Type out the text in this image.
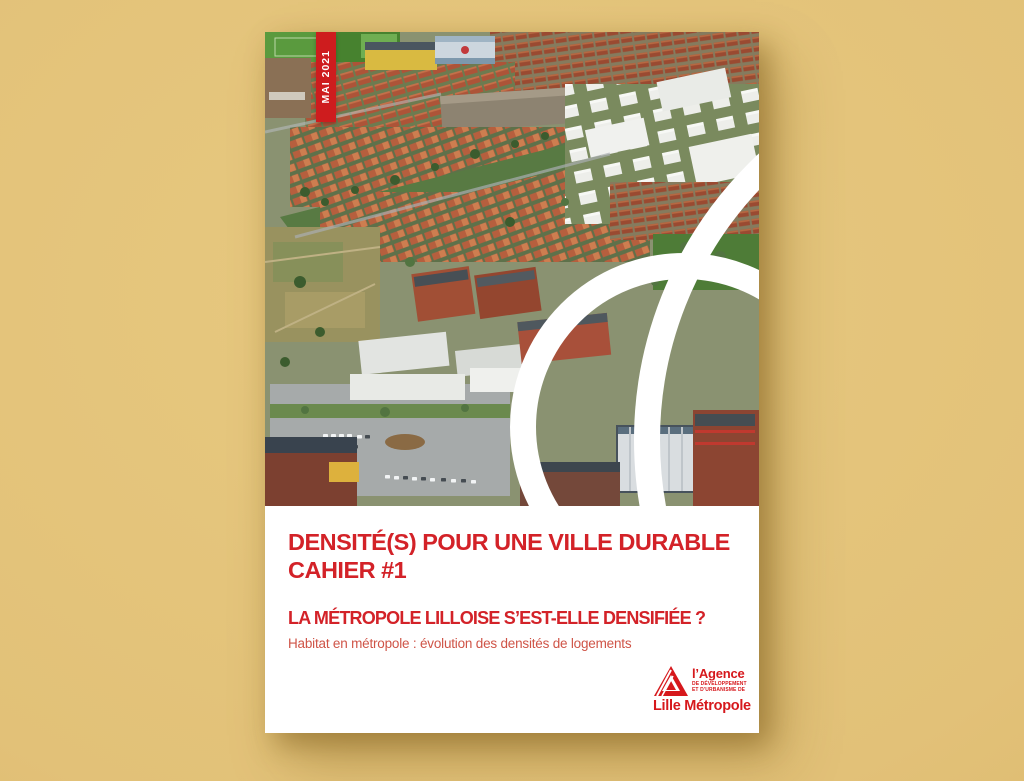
MAI 2021
DENSITÉ(S) POUR UNE VILLE DURABLE
CAHIER #1
LA MÉTROPOLE LILLOISE S’EST-ELLE DENSIFIÉE ?

Habitat en métropole : évolution des densités de logements

l’Agence
DE DÉVELOPPEMENT
ET D’URBANISME DE
Lille Métropole
